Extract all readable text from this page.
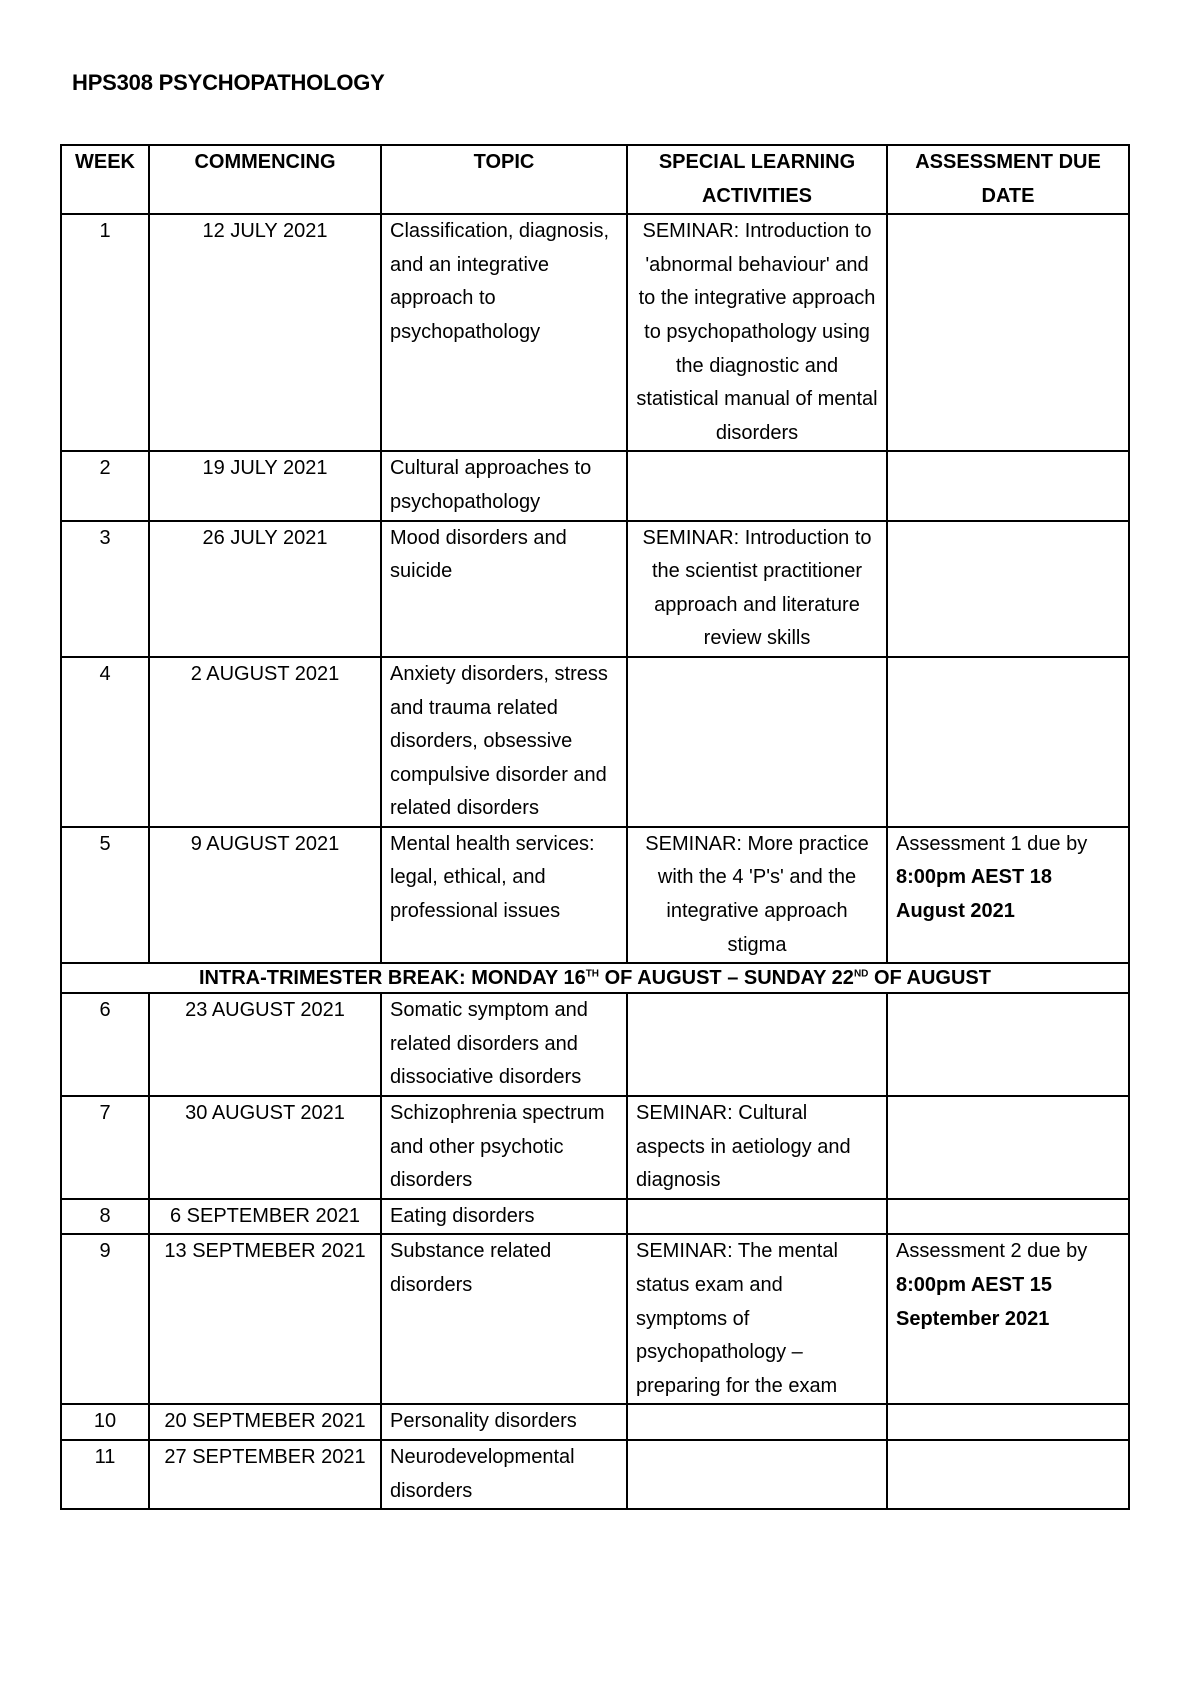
HPS308 PSYCHOPATHOLOGY
WEEK	COMMENCING	TOPIC	SPECIAL LEARNING ACTIVITIES	ASSESSMENT DUE DATE
1	12 JULY 2021	Classification, diagnosis, and an integrative approach to psychopathology	SEMINAR: Introduction to 'abnormal behaviour' and to the integrative approach to psychopathology using the diagnostic and statistical manual of mental disorders	
2	19 JULY 2021	Cultural approaches to psychopathology		
3	26 JULY 2021	Mood disorders and suicide	SEMINAR: Introduction to the scientist practitioner approach and literature review skills	
4	2 AUGUST 2021	Anxiety disorders, stress and trauma related disorders, obsessive compulsive disorder and related disorders		
5	9 AUGUST 2021	Mental health services: legal, ethical, and professional issues	SEMINAR: More practice with the 4 'P's' and the integrative approach stigma	Assessment 1 due by 8:00pm AEST 18 August 2021
INTRA-TRIMESTER BREAK: MONDAY 16TH OF AUGUST – SUNDAY 22ND OF AUGUST				
6	23 AUGUST 2021	Somatic symptom and related disorders and dissociative disorders		
7	30 AUGUST 2021	Schizophrenia spectrum and other psychotic disorders	SEMINAR: Cultural aspects in aetiology and diagnosis	
8	6 SEPTEMBER 2021	Eating disorders		
9	13 SEPTMEBER 2021	Substance related disorders	SEMINAR: The mental status exam and symptoms of psychopathology – preparing for the exam	Assessment 2 due by 8:00pm AEST 15 September 2021
10	20 SEPTMEBER 2021	Personality disorders		
11	27 SEPTEMBER 2021	Neurodevelopmental disorders		
